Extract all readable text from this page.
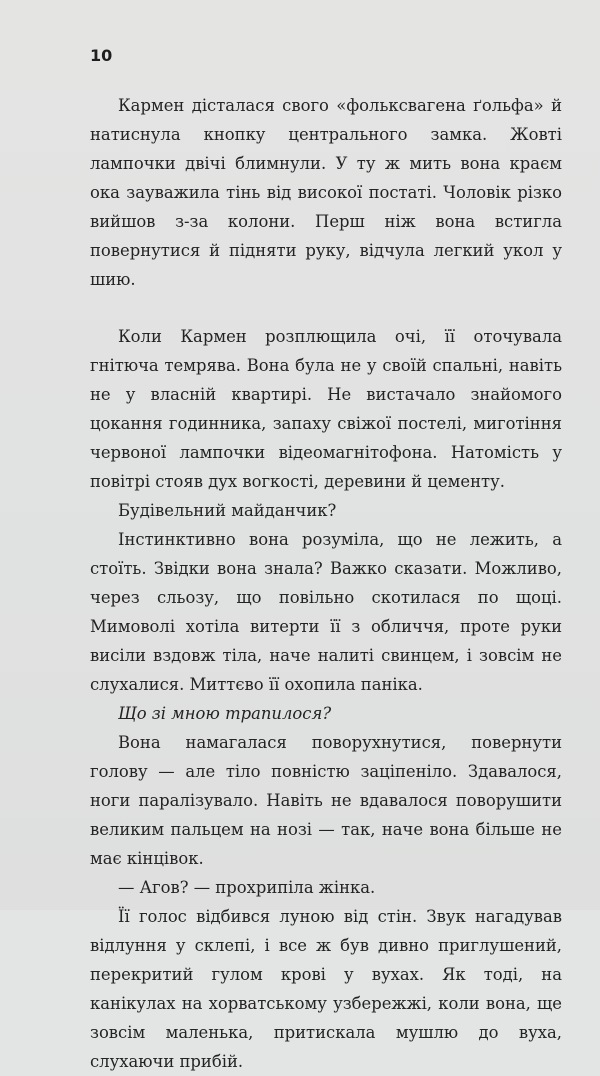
10

Кармен дісталася свого «фольксвагена ґольфа» й натиснула кнопку центрального замка. Жовті лампочки двічі блимнули. У ту ж мить вона краєм ока зауважила тінь від високої постаті. Чоловік різко вийшов з-за колони. Перш ніж вона встигла повернутися й підняти руку, відчула легкий укол у шию.

Коли Кармен розплющила очі, її оточувала гнітюча темрява. Вона була не у своїй спальні, навіть не у власній квартирі. Не вистачало знайомого цокання годинника, запаху свіжої постелі, миготіння червоної лампочки відеомагнітофона. Натомість у повітрі стояв дух вогкості, деревини й цементу.

Будівельний майданчик?

Інстинктивно вона розуміла, що не лежить, а стоїть. Звідки вона знала? Важко сказати. Можливо, через сльозу, що повільно скотилася по щоці. Мимоволі хотіла витерти її з обличчя, проте руки висіли вздовж тіла, наче налиті свинцем, і зовсім не слухалися. Миттєво її охопила паніка.

Що зі мною трапилося?

Вона намагалася поворухнутися, повернути голову — але тіло повністю заціпеніло. Здавалося, ноги паралізувало. Навіть не вдавалося поворушити великим пальцем на нозі — так, наче вона більше не має кінцівок.

— Агов? — прохрипіла жінка.

Її голос відбився луною від стін. Звук нагадував відлуння у склепі, і все ж був дивно приглушений, перекритий гулом крові у вухах. Як тоді, на канікулах на хорватському узбережжі, коли вона, ще зовсім маленька, притискала мушлю до вуха, слухаючи прибій.
